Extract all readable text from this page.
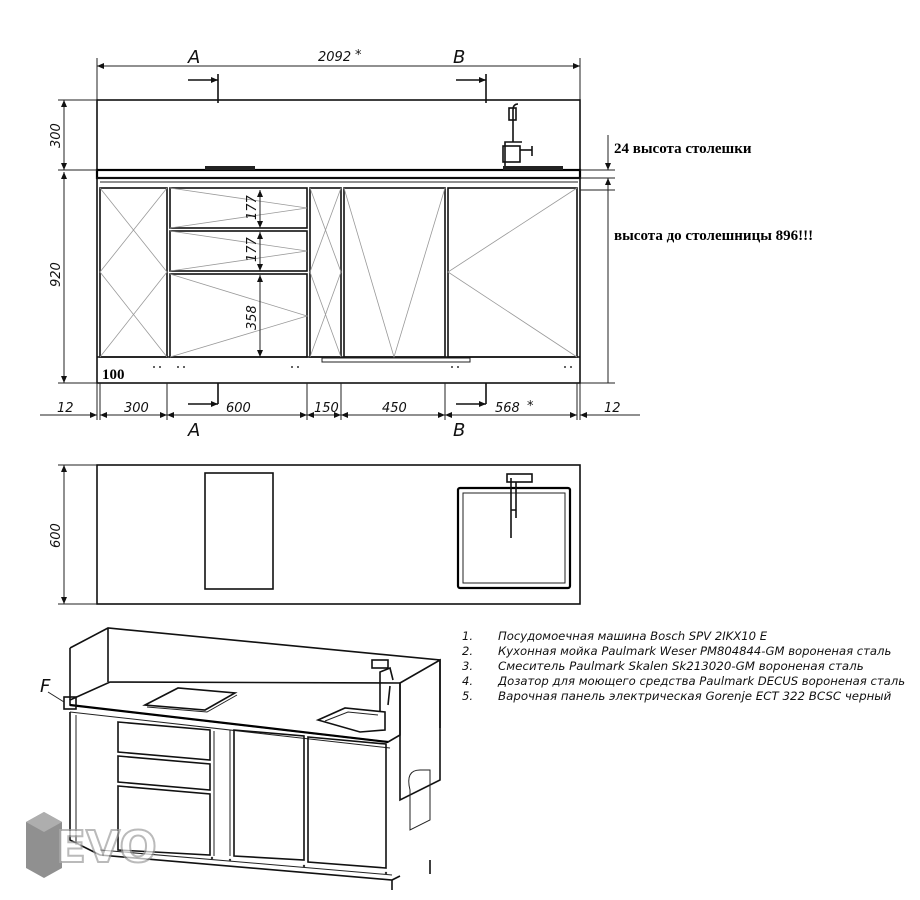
2092 *
A	B
177
177
358
100
300
920
12	300	600	150	450	568 *	12
A	B
24 высота столешки
высота до столешницы 896!!!
600
F
1. Посудомоечная машина Bosch SPV 2IKX10 E
2. Кухонная мойка Paulmark Weser PM804844-GM вороненая сталь
3. Смеситель Paulmark Skalen Sk213020-GM вороненая сталь
4. Дозатор для моющего средства Paulmark DECUS вороненая сталь
5. Варочная панель электрическая Gorenje ECT 322 BCSC черный
EVO
